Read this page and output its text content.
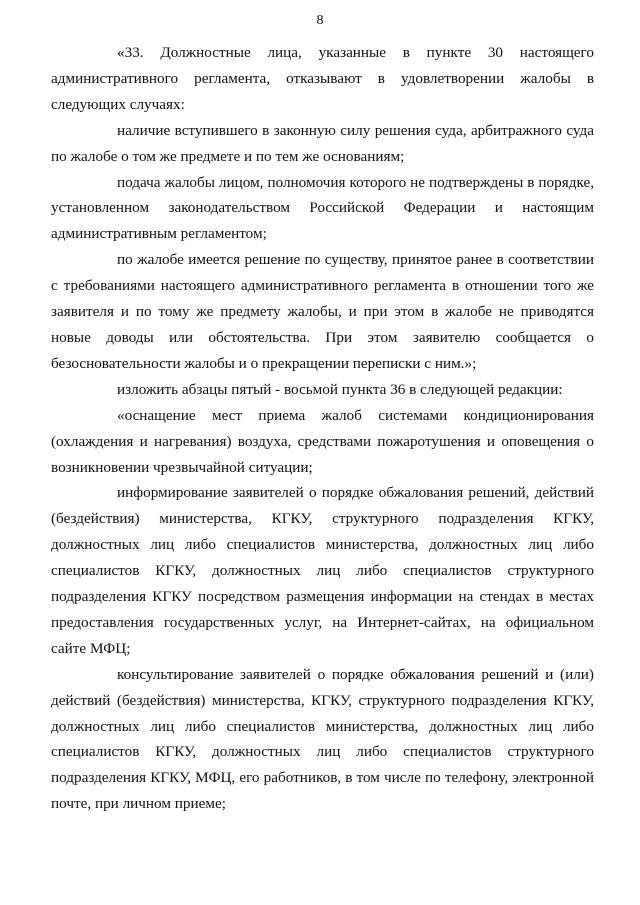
8

«33. Должностные лица, указанные в пункте 30 настоящего административного регламента, отказывают в удовлетворении жалобы в следующих случаях:

наличие вступившего в законную силу решения суда, арбитражного суда по жалобе о том же предмете и по тем же основаниям;

подача жалобы лицом, полномочия которого не подтверждены в порядке, установленном законодательством Российской Федерации и настоящим административным регламентом;

по жалобе имеется решение по существу, принятое ранее в соответствии с требованиями настоящего административного регламента в отношении того же заявителя и по тому же предмету жалобы, и при этом в жалобе не приводятся новые доводы или обстоятельства. При этом заявителю сообщается о безосновательности жалобы и о прекращении переписки с ним.»;

изложить абзацы пятый - восьмой пункта 36 в следующей редакции:

«оснащение мест приема жалоб системами кондиционирования (охлаждения и нагревания) воздуха, средствами пожаротушения и оповещения о возникновении чрезвычайной ситуации;

информирование заявителей о порядке обжалования решений, действий (бездействия) министерства, КГКУ, структурного подразделения КГКУ, должностных лиц либо специалистов министерства, должностных лиц либо специалистов КГКУ, должностных лиц либо специалистов структурного подразделения КГКУ посредством размещения информации на стендах в местах предоставления государственных услуг, на Интернет-сайтах, на официальном сайте МФЦ;

консультирование заявителей о порядке обжалования решений и (или) действий (бездействия) министерства, КГКУ, структурного подразделения КГКУ, должностных лиц либо специалистов министерства, должностных лиц либо специалистов КГКУ, должностных лиц либо специалистов структурного подразделения КГКУ, МФЦ, его работников, в том числе по телефону, электронной почте, при личном приеме;
